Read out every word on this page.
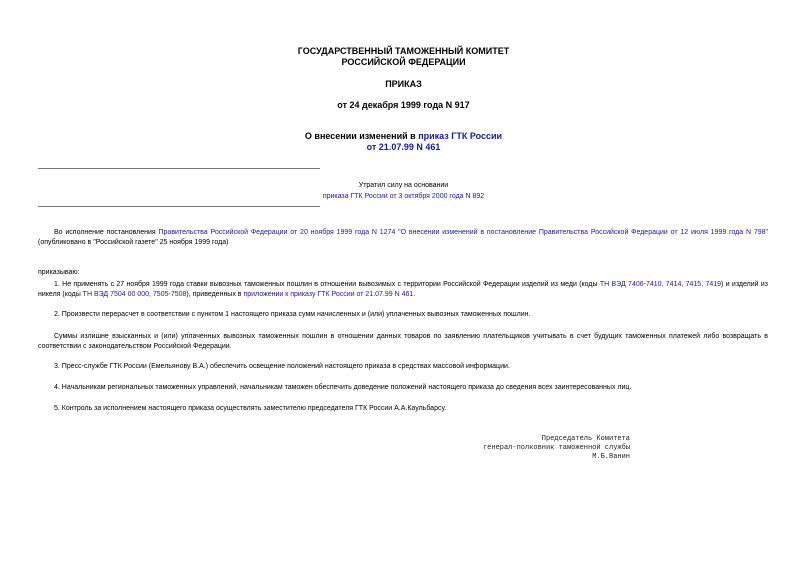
ГОСУДАРСТВЕННЫЙ ТАМОЖЕННЫЙ КОМИТЕТ
РОССИЙСКОЙ ФЕДЕРАЦИИ
ПРИКАЗ
от 24 декабря 1999 года N 917
О внесении изменений в приказ ГТК России
от 21.07.99 N 461
Утратил силу на основании
приказа ГТК России от 3 октября 2000 года N 892
Во исполнение постановления Правительства Российской Федерации от 20 ноября 1999 года N 1274 "О внесении изменений в постановление Правительства Российской Федерации от 12 июля 1999 года N 798" (опубликовано в "Российской газете" 25 ноября 1999 года)
приказываю:
1. Не применять с 27 ноября 1999 года ставки вывозных таможенных пошлин в отношении вывозимых с территории Российской Федерации изделий из меди (коды ТН ВЭД 7406-7410, 7414, 7415, 7419) и изделий из никеля (коды ТН ВЭД 7504 00 000, 7505-7508), приведенных в приложении к приказу ГТК России от 21.07.99 N 461.
2. Произвести перерасчет в соответствии с пунктом 1 настоящего приказа сумм начисленных и (или) уплаченных вывозных таможенных пошлин.
Суммы излишне взысканных и (или) уплаченных вывозных таможенных пошлин в отношении данных товаров по заявлению плательщиков учитывать в счет будущих таможенных платежей либо возвращать в соответствии с законодательством Российской Федерации.
3. Пресс-службе ГТК России (Емельянову В.А.) обеспечить освещение положений настоящего приказа в средствах массовой информации.
4. Начальникам региональных таможенных управлений, начальникам таможен обеспечить доведение положений настоящего приказа до сведения всех заинтересованных лиц.
5. Контроль за исполнением настоящего приказа осуществлять заместителю председателя ГТК России А.А.Каульбарсу.
Председатель Комитета
генерал-полковник таможенной службы
М.Б.Ванин
